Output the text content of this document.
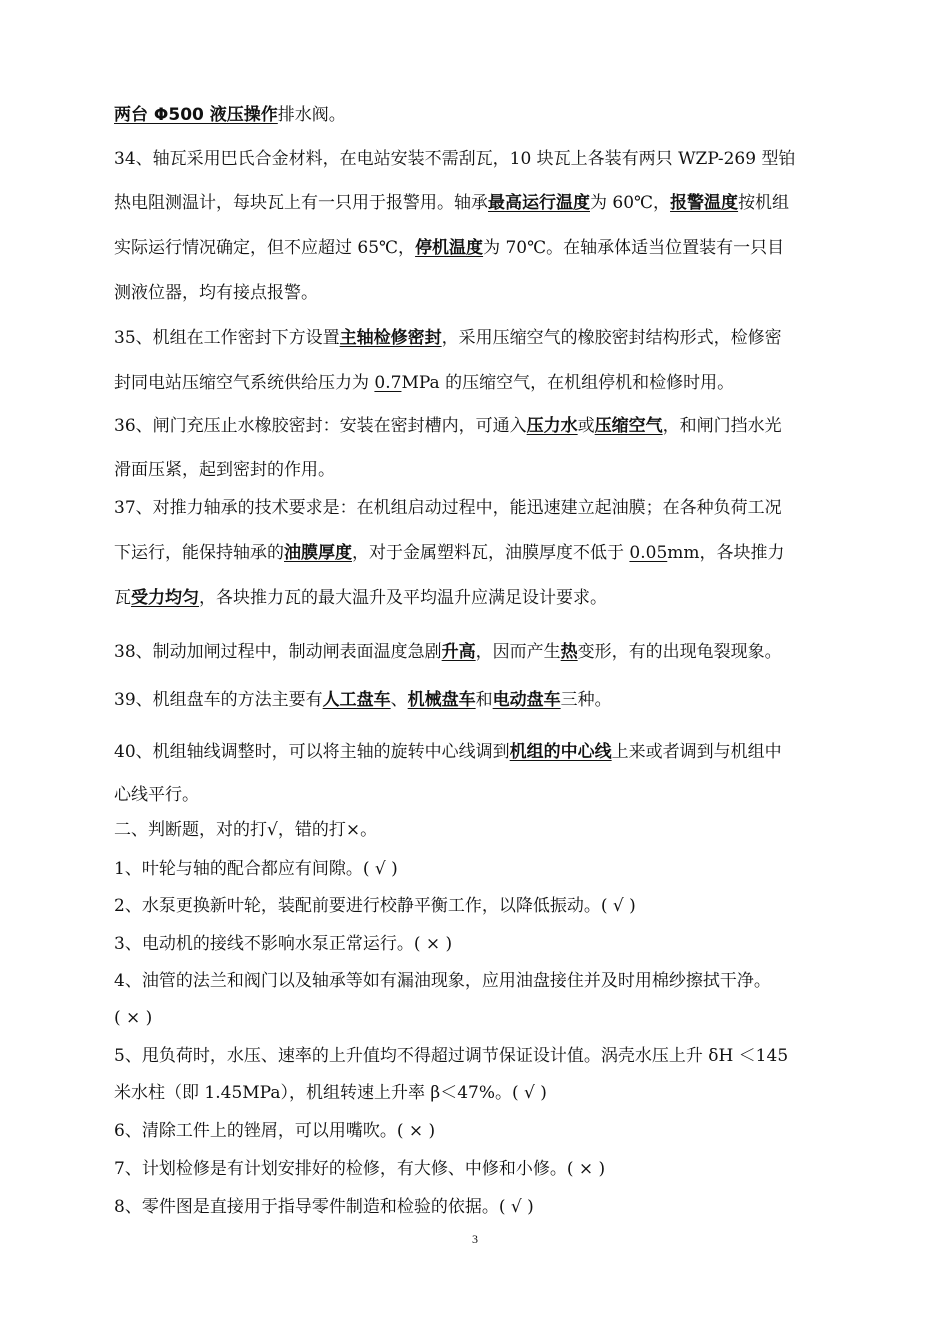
两台 Φ500 液压操作排水阀。
34、轴瓦采用巴氏合金材料，在电站安装不需刮瓦，10 块瓦上各装有两只 WZP-269 型铂
热电阻测温计，每块瓦上有一只用于报警用。轴承最高运行温度为 60℃，报警温度按机组
实际运行情况确定，但不应超过 65℃，停机温度为 70℃。在轴承体适当位置装有一只目
测液位器，均有接点报警。
35、机组在工作密封下方设置主轴检修密封，采用压缩空气的橡胶密封结构形式，检修密
封同电站压缩空气系统供给压力为 0.7MPa 的压缩空气，在机组停机和检修时用。
36、闸门充压止水橡胶密封：安装在密封槽内，可通入压力水或压缩空气，和闸门挡水光
滑面压紧，起到密封的作用。
37、对推力轴承的技术要求是：在机组启动过程中，能迅速建立起油膜；在各种负荷工况
下运行，能保持轴承的油膜厚度，对于金属塑料瓦，油膜厚度不低于 0.05mm，各块推力
瓦受力均匀，各块推力瓦的最大温升及平均温升应满足设计要求。
38、制动加闸过程中，制动闸表面温度急剧升高，因而产生热变形，有的出现龟裂现象。
39、机组盘车的方法主要有人工盘车、机械盘车和电动盘车三种。
40、机组轴线调整时，可以将主轴的旋转中心线调到机组的中心线上来或者调到与机组中
心线平行。
二、判断题，对的打√，错的打×。
1、叶轮与轴的配合都应有间隙。( √ )
2、水泵更换新叶轮，装配前要进行校静平衡工作，以降低振动。( √ )
3、电动机的接线不影响水泵正常运行。( × )
4、油管的法兰和阀门以及轴承等如有漏油现象，应用油盘接住并及时用棉纱擦拭干净。
( × )
5、甩负荷时，水压、速率的上升值均不得超过调节保证设计值。涡壳水压上升 δH ＜145
米水柱（即 1.45MPa），机组转速上升率 β＜47%。( √ )
6、清除工件上的锉屑，可以用嘴吹。( × )
7、计划检修是有计划安排好的检修，有大修、中修和小修。( × )
8、零件图是直接用于指导零件制造和检验的依据。( √ )
3
